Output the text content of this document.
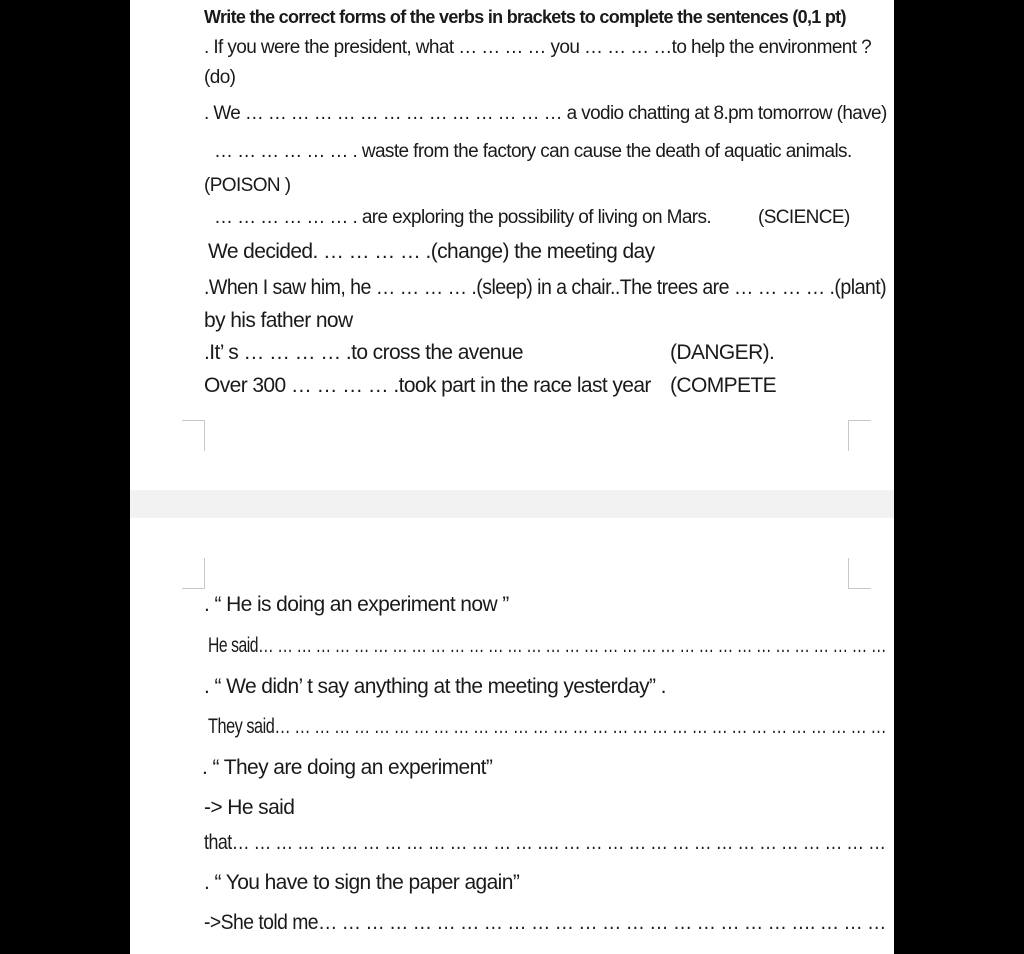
Write the correct forms of the verbs in brackets to complete the sentences (0,1 pt)
. If you were the president, what … … … … you … … … …to help the environment ?
(do)
. We … … … … … … … … … … … … … … a vodio chatting at 8.pm tomorrow (have)
… … … … … … . waste from the factory can cause the death of aquatic animals.
(POISON )
… … … … … … . are exploring the possibility of living on Mars. (SCIENCE)
We decided. … … … … .(change) the meeting day
.When I saw him, he … … … … .(sleep) in a chair..The trees are … … … … .(plant)
by his father now
.It’ s … … … … .to cross the avenue	(DANGER).
Over 300 … … … … .took part in the race last year (COMPETE
. “ He is doing an experiment now ”
He said… … … … … … … … … … … … … … … … … … … … … … … … … … … … … … … … …
. “ We didn’ t say anything at the meeting yesterday” .
They said… … … … … … … … … … … … … … … … … … … … … … … … … … … … … … …
. “ They are doing an experiment”
-> He said
that… … … … … … … … … … … … … … …. … … … … … … … … … … … … … … …
. “ You have to sign the paper again”
->She told me… … … … … … … … … … … … … … … … … … … … …. … … …
